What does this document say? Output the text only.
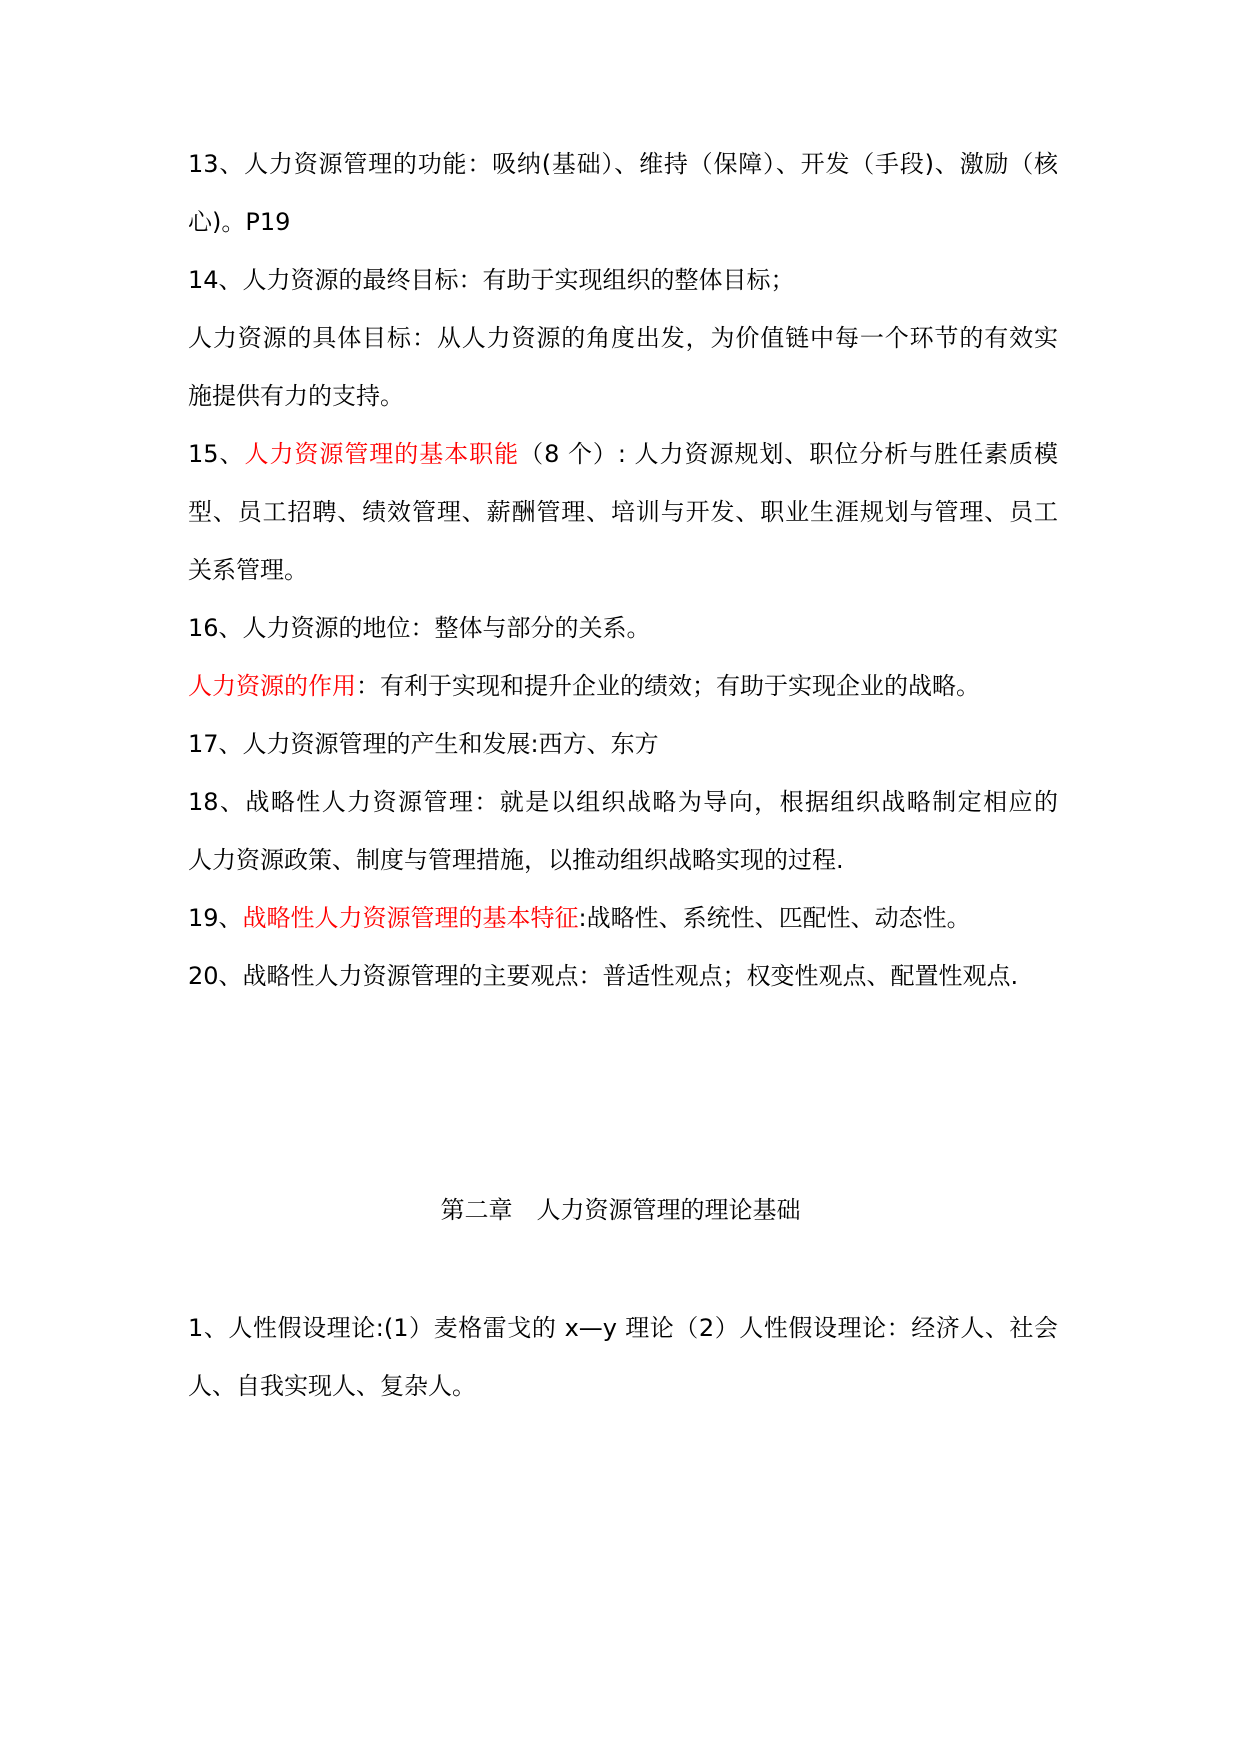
13、人力资源管理的功能：吸纳(基础）、维持（保障）、开发（手段)、激励（核
心)。P19
14、人力资源的最终目标：有助于实现组织的整体目标；
人力资源的具体目标：从人力资源的角度出发，为价值链中每一个环节的有效实
施提供有力的支持。
15、人力资源管理的基本职能（8 个）: 人力资源规划、职位分析与胜任素质模
型、员工招聘、绩效管理、薪酬管理、培训与开发、职业生涯规划与管理、员工
关系管理。
16、人力资源的地位：整体与部分的关系。
人力资源的作用：有利于实现和提升企业的绩效；有助于实现企业的战略。
17、人力资源管理的产生和发展:西方、东方
18、战略性人力资源管理：就是以组织战略为导向，根据组织战略制定相应的
人力资源政策、制度与管理措施，以推动组织战略实现的过程.
19、战略性人力资源管理的基本特征:战略性、系统性、匹配性、动态性。
20、战略性人力资源管理的主要观点：普适性观点；权变性观点、配置性观点.
第二章　人力资源管理的理论基础
1、人性假设理论:(1）麦格雷戈的 x—y 理论（2）人性假设理论：经济人、社会
人、自我实现人、复杂人。
